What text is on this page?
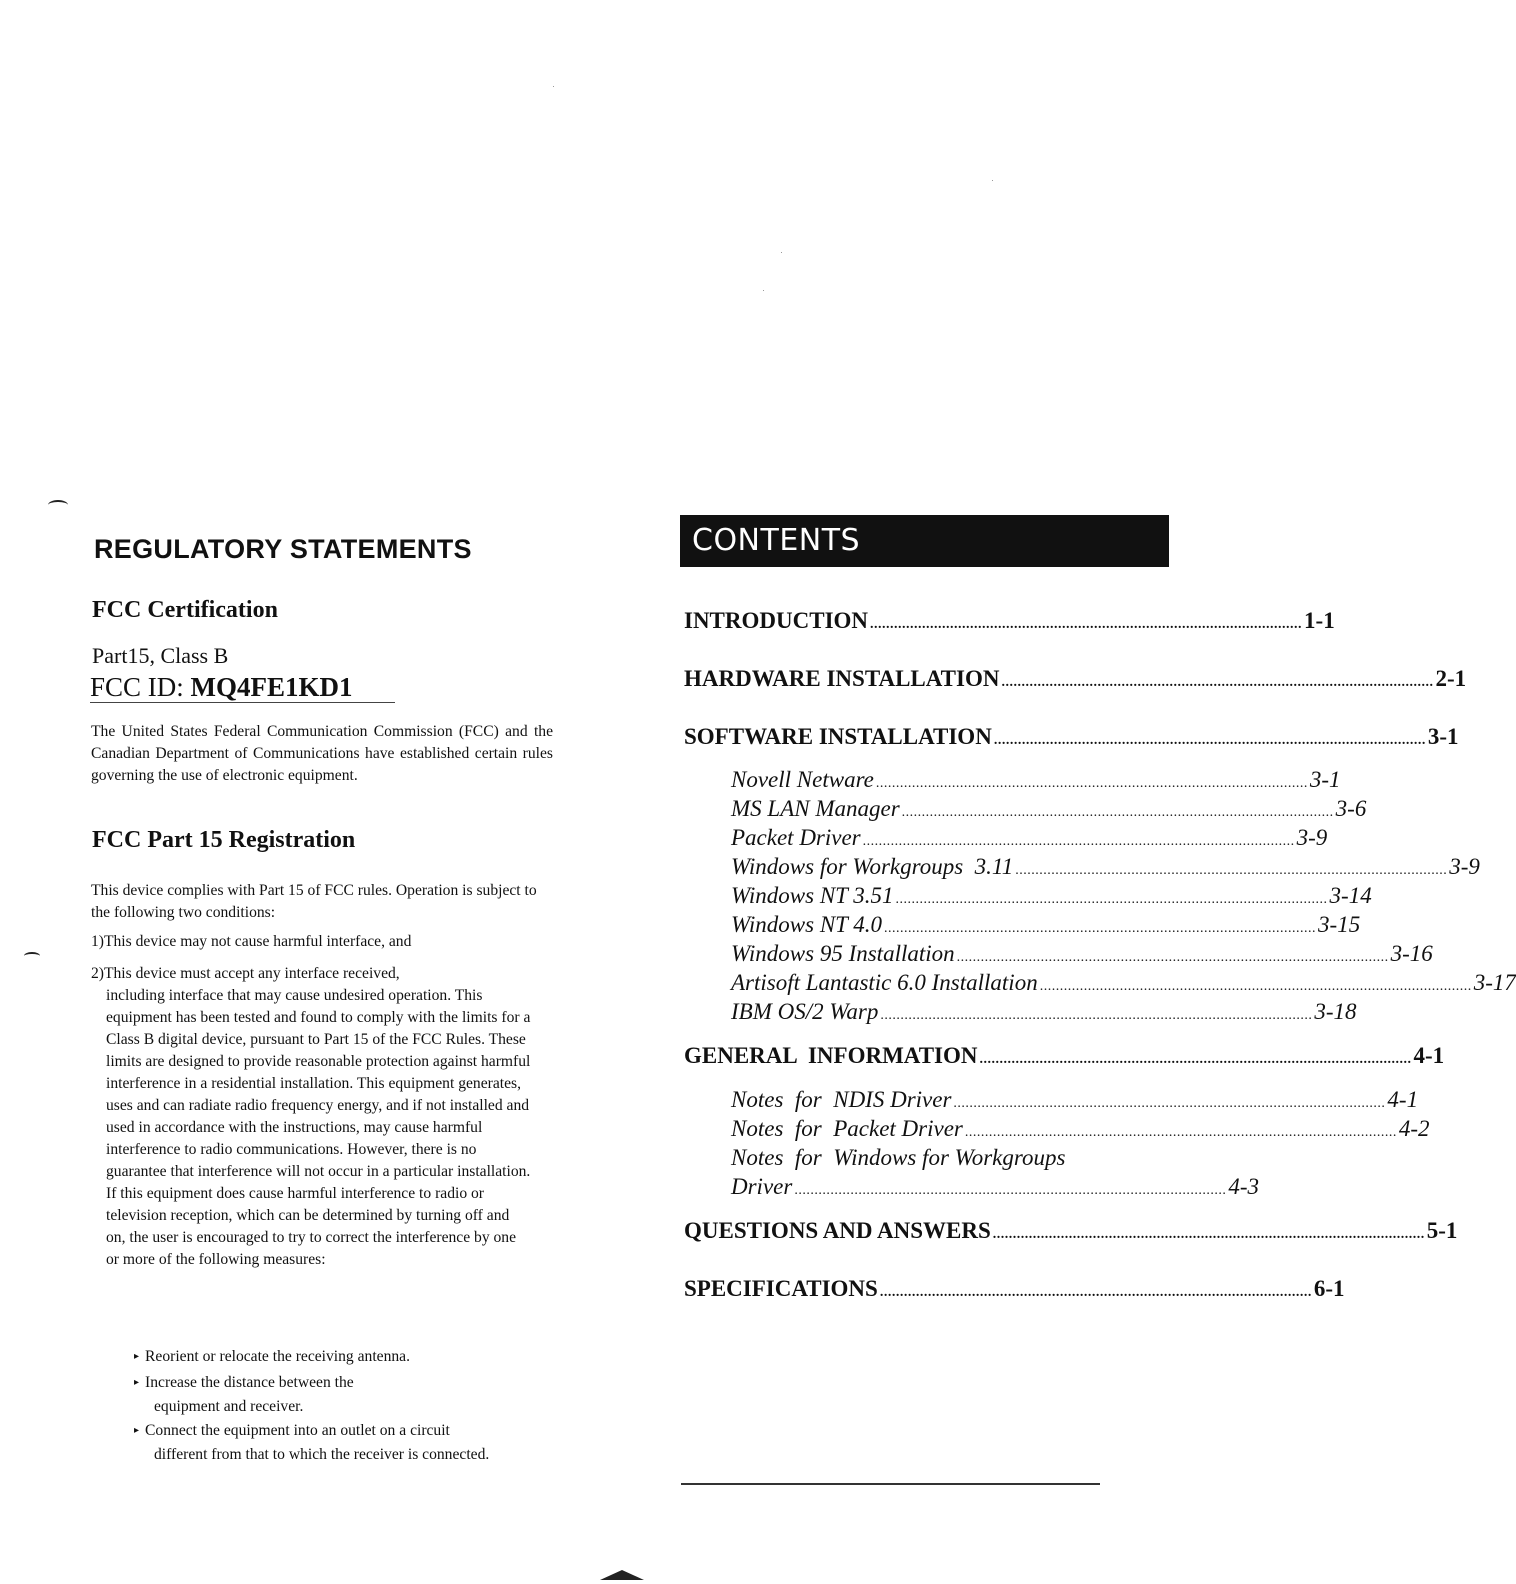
REGULATORY STATEMENTS
FCC Certification
Part15, Class B
FCC ID: MQ4FE1KD1
The United States Federal Communication Commission (FCC) and the Canadian Department of Communications have established certain rules governing the use of electronic equipment.
FCC Part 15 Registration
This device complies with Part 15 of FCC rules. Operation is subject to the following two conditions:
1)This device may not cause harmful interface, and
2)This device must accept any interface received,
including interface that may cause undesired operation. This equipment has been tested and found to comply with the limits for a Class B digital device, pursuant to Part 15 of the FCC Rules. These limits are designed to provide reasonable protection against harmful interference in a residential installation. This equipment generates, uses and can radiate radio frequency energy, and if not installed and used in accordance with the instructions, may cause harmful interference to radio communications. However, there is no guarantee that interference will not occur in a particular installation. If this equipment does cause harmful interference to radio or television reception, which can be determined by turning off and on, the user is encouraged to try to correct the interference by one or more of the following measures:
▸ Reorient or relocate the receiving antenna.
▸ Increase the distance between the
equipment and receiver.
▸ Connect the equipment into an outlet on a circuit
different from that to which the receiver is connected.
CONTENTS
INTRODUCTION ............................................................................................................ 1-1
HARDWARE INSTALLATION ............................................................................................................ 2-1
SOFTWARE INSTALLATION ............................................................................................................ 3-1
Novell Netware ............................................................................................................ 3-1
MS LAN Manager ............................................................................................................ 3-6
Packet Driver ............................................................................................................ 3-9
Windows for Workgroups  3.11 ............................................................................................................ 3-9
Windows NT 3.51 ............................................................................................................ 3-14
Windows NT 4.0 ............................................................................................................ 3-15
Windows 95 Installation ............................................................................................................ 3-16
Artisoft Lantastic 6.0 Installation ............................................................................................................ 3-17
IBM OS/2 Warp ............................................................................................................ 3-18
GENERAL  INFORMATION ............................................................................................................ 4-1
Notes  for  NDIS Driver ............................................................................................................ 4-1
Notes  for  Packet Driver ............................................................................................................ 4-2
Notes  for  Windows for Workgroups
Driver ............................................................................................................ 4-3
QUESTIONS AND ANSWERS ............................................................................................................ 5-1
SPECIFICATIONS ............................................................................................................ 6-1
